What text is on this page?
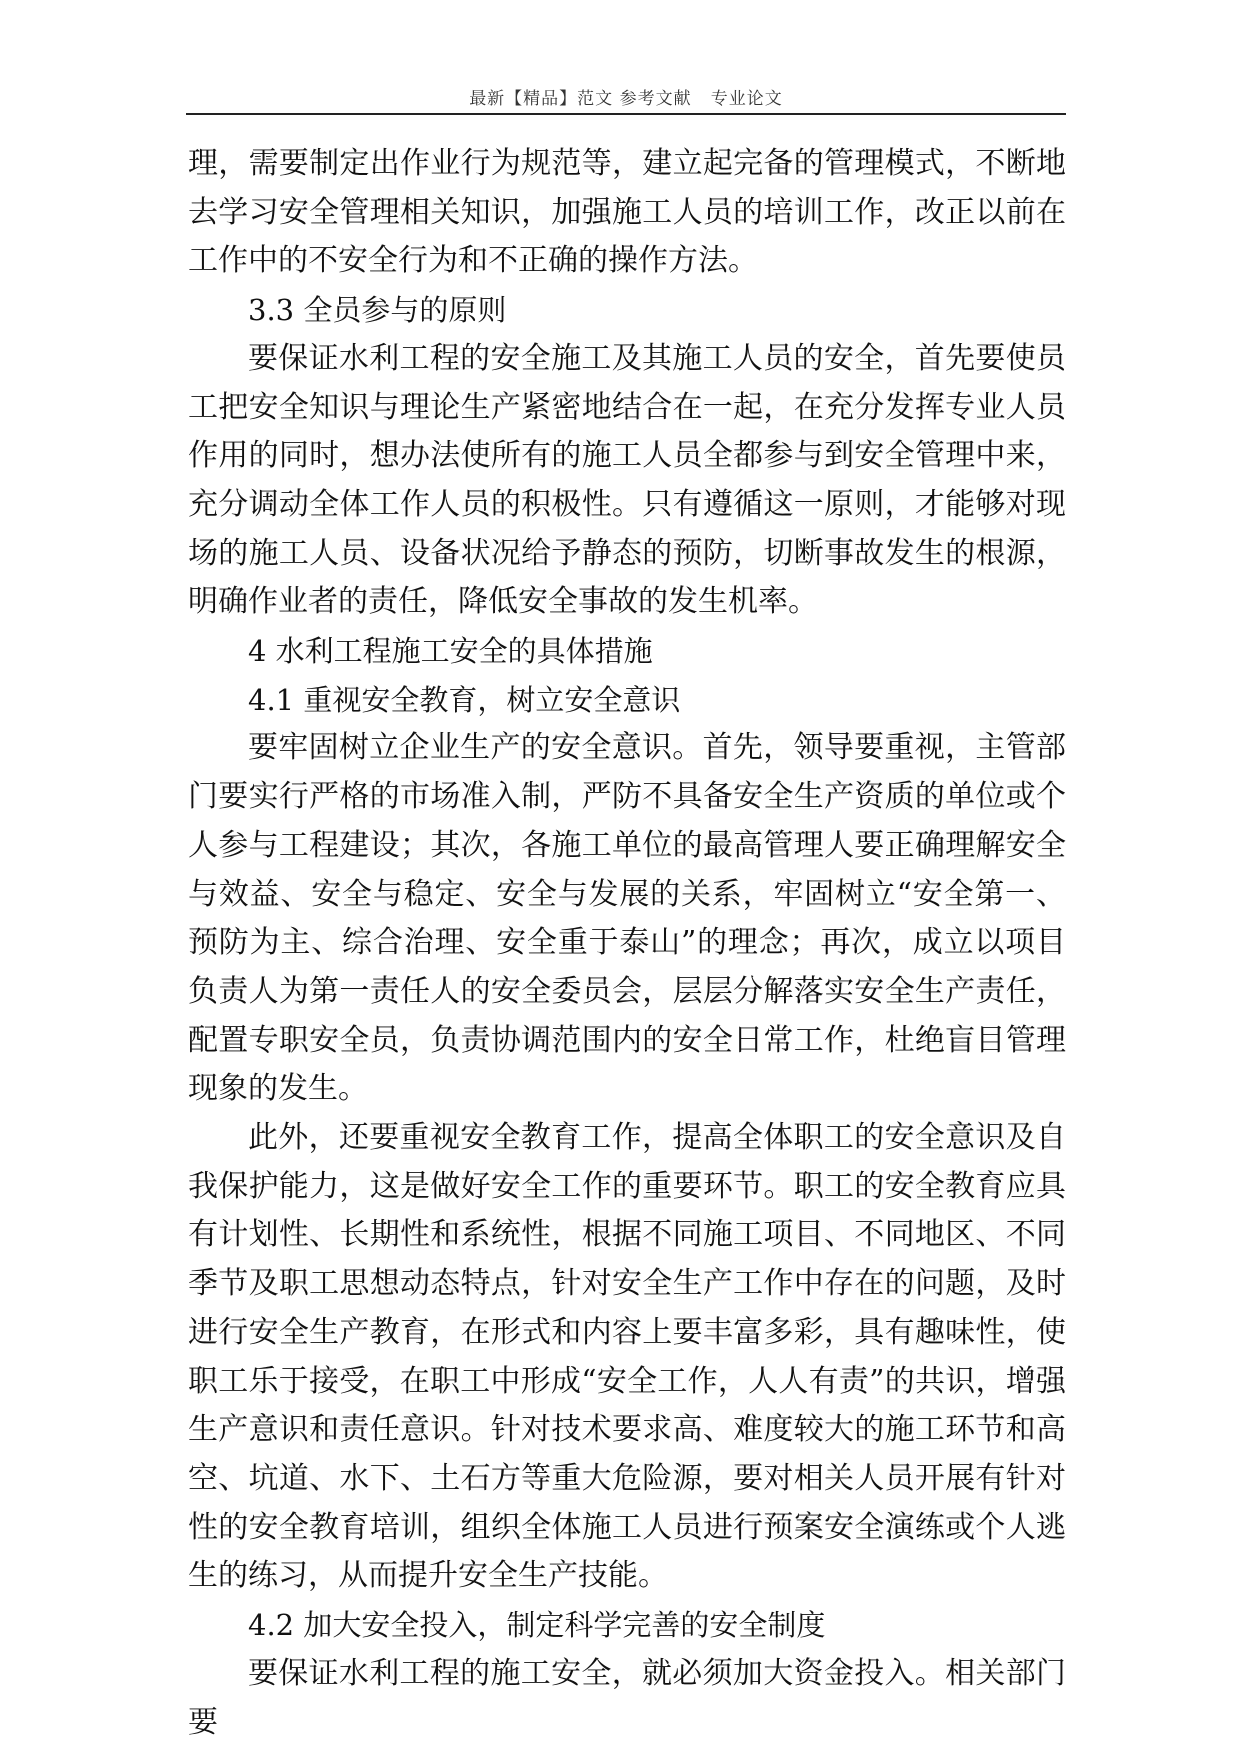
最新【精品】范文 参考文献   专业论文

理，需要制定出作业行为规范等，建立起完备的管理模式，不断地去学习安全管理相关知识，加强施工人员的培训工作，改正以前在工作中的不安全行为和不正确的操作方法。

3.3 全员参与的原则

要保证水利工程的安全施工及其施工人员的安全，首先要使员工把安全知识与理论生产紧密地结合在一起，在充分发挥专业人员作用的同时，想办法使所有的施工人员全都参与到安全管理中来，充分调动全体工作人员的积极性。只有遵循这一原则，才能够对现场的施工人员、设备状况给予静态的预防，切断事故发生的根源，明确作业者的责任，降低安全事故的发生机率。

4 水利工程施工安全的具体措施

4.1 重视安全教育，树立安全意识

要牢固树立企业生产的安全意识。首先，领导要重视，主管部门要实行严格的市场准入制，严防不具备安全生产资质的单位或个人参与工程建设；其次，各施工单位的最高管理人要正确理解安全与效益、安全与稳定、安全与发展的关系，牢固树立“安全第一、预防为主、综合治理、安全重于泰山”的理念；再次，成立以项目负责人为第一责任人的安全委员会，层层分解落实安全生产责任，配置专职安全员，负责协调范围内的安全日常工作，杜绝盲目管理现象的发生。

此外，还要重视安全教育工作，提高全体职工的安全意识及自我保护能力，这是做好安全工作的重要环节。职工的安全教育应具有计划性、长期性和系统性，根据不同施工项目、不同地区、不同季节及职工思想动态特点，针对安全生产工作中存在的问题，及时进行安全生产教育，在形式和内容上要丰富多彩，具有趣味性，使职工乐于接受，在职工中形成“安全工作，人人有责”的共识，增强生产意识和责任意识。针对技术要求高、难度较大的施工环节和高空、坑道、水下、土石方等重大危险源，要对相关人员开展有针对性的安全教育培训，组织全体施工人员进行预案安全演练或个人逃生的练习，从而提升安全生产技能。

4.2 加大安全投入，制定科学完善的安全制度

要保证水利工程的施工安全，就必须加大资金投入。相关部门要
